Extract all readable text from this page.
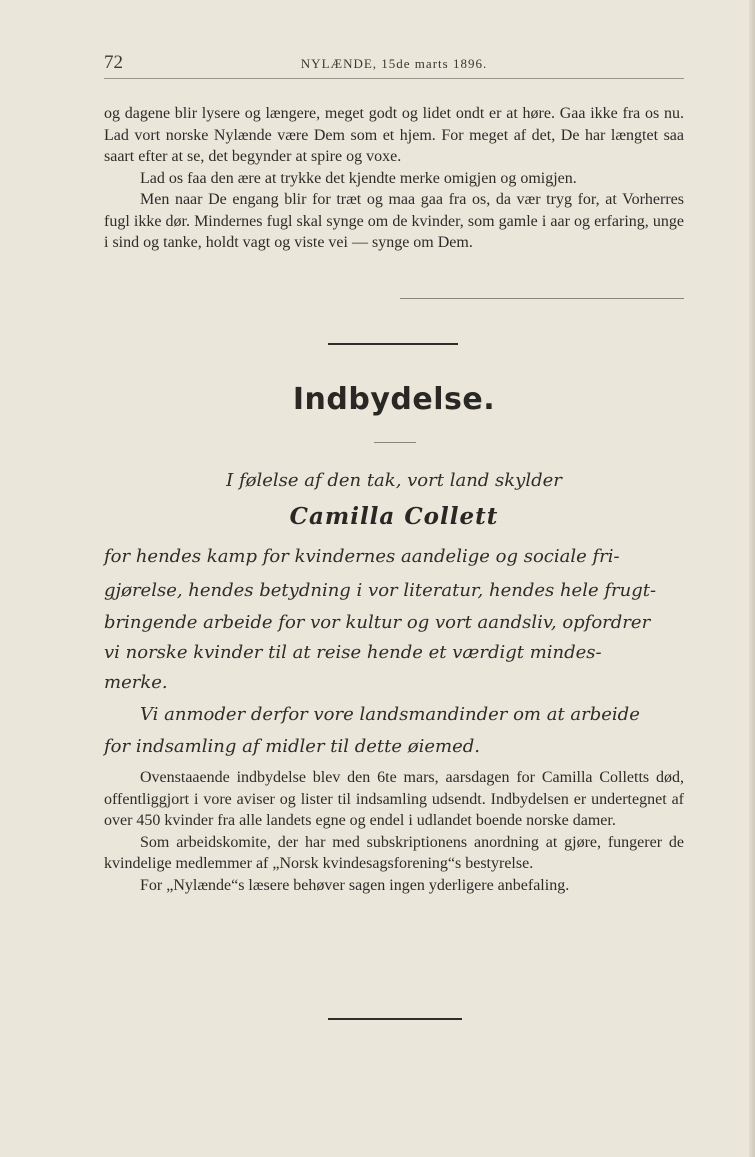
72	NYLÆNDE, 15de marts 1896.

og dagene blir lysere og længere, meget godt og lidet ondt er at høre. Gaa ikke fra os nu. Lad vort norske Nylænde være Dem som et hjem. For meget af det, De har længtet saa saart efter at se, det begynder at spire og voxe.

Lad os faa den ære at trykke det kjendte merke omigjen og omigjen.

Men naar De engang blir for træt og maa gaa fra os, da vær tryg for, at Vorherres fugl ikke dør. Mindernes fugl skal synge om de kvinder, som gamle i aar og erfaring, unge i sind og tanke, holdt vagt og viste vei — synge om Dem.

Indbydelse.
I følelse af den tak, vort land skylder
Camilla Collett
for hendes kamp for kvindernes aandelige og sociale fri-
gjørelse, hendes betydning i vor literatur, hendes hele frugt-
bringende arbeide for vor kultur og vort aandsliv, opfordrer
vi norske kvinder til at reise hende et værdigt mindes-
merke.
Vi anmoder derfor vore landsmandinder om at arbeide
for indsamling af midler til dette øiemed.

Ovenstaaende indbydelse blev den 6te mars, aarsdagen for Camilla Colletts død, offentliggjort i vore aviser og lister til indsamling udsendt. Indbydelsen er undertegnet af over 450 kvinder fra alle landets egne og endel i udlandet boende norske damer.

Som arbeidskomite, der har med subskriptionens anordning at gjøre, fungerer de kvindelige medlemmer af „Norsk kvindesagsforening“s bestyrelse.

For „Nylænde“s læsere behøver sagen ingen yderligere anbefaling.
